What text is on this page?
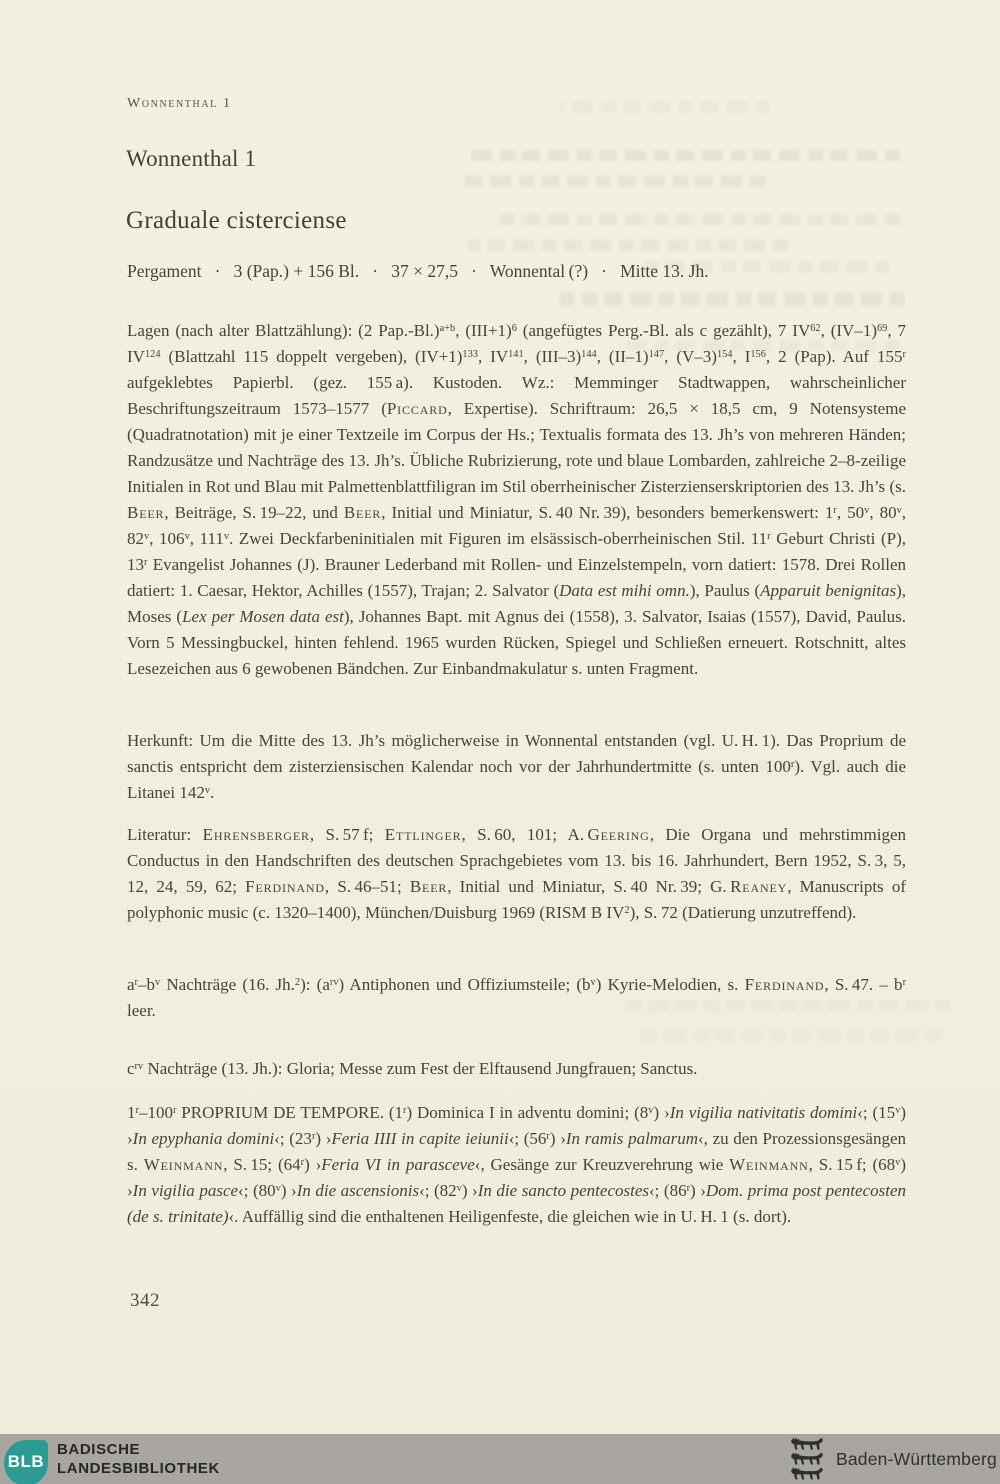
Wonnenthal 1
Wonnenthal 1
Graduale cisterciense
Pergament  ·  3 (Pap.) + 156 Bl.  ·  37 × 27,5  ·  Wonnental (?)  ·  Mitte 13. Jh.
Lagen (nach alter Blattzählung): (2 Pap.-Bl.)$^{a+b}$, $(III+1)^6$ (angefügtes Perg.-Bl. als c gezählt), 7 IV$^{62}$, $(IV-1)^{69}$, 7 IV$^{124}$ (Blattzahl 115 doppelt vergeben), $(IV+1)^{133}$, IV$^{141}$, $(III-3)^{144}$, $(II-1)^{147}$, $(V-3)^{154}$, $I^{156}$, 2 (Pap). Auf 155$^r$ aufgeklebtes Papierbl. (gez. 155 a). Kustoden. Wz.: Memminger Stadtwappen, wahrscheinlicher Beschriftungszeitraum 1573–1577 (Piccard, Expertise). Schriftraum: 26,5 × 18,5 cm, 9 Notensysteme (Quadratnotation) mit je einer Textzeile im Corpus der Hs.; Textualis formata des 13. Jh’s von mehreren Händen; Randzusätze und Nachträge des 13. Jh’s. Übliche Rubrizierung, rote und blaue Lombarden, zahlreiche 2–8-zeilige Initialen in Rot und Blau mit Palmettenblattfiligran im Stil oberrheinischer Zisterzienserskriptorien des 13. Jh’s (s. Beer, Beiträge, S. 19–22, und Beer, Initial und Miniatur, S. 40 Nr. 39), besonders bemerkenswert: 1$^r$, 50$^v$, 80$^v$, 82$^v$, 106$^v$, 111$^v$. Zwei Deckfarbeninitialen mit Figuren im elsässisch-oberrheinischen Stil. 11$^r$ Geburt Christi (P), 13$^r$ Evangelist Johannes (J). Brauner Lederband mit Rollen- und Einzelstempeln, vorn datiert: 1578. Drei Rollen datiert: 1. Caesar, Hektor, Achilles (1557), Trajan; 2. Salvator (Data est mihi omn.), Paulus (Apparuit benignitas), Moses (Lex per Mosen data est), Johannes Bapt. mit Agnus dei (1558), 3. Salvator, Isaias (1557), David, Paulus. Vorn 5 Messingbuckel, hinten fehlend. 1965 wurden Rücken, Spiegel und Schließen erneuert. Rotschnitt, altes Lesezeichen aus 6 gewobenen Bändchen. Zur Einbandmakulatur s. unten Fragment.
Herkunft: Um die Mitte des 13. Jh’s möglicherweise in Wonnental entstanden (vgl. U. H. 1). Das Proprium de sanctis entspricht dem zisterziensischen Kalendar noch vor der Jahrhundertmitte (s. unten 100$^r$). Vgl. auch die Litanei 142$^v$.
Literatur: Ehrensberger, S. 57 f; Ettlinger, S. 60, 101; A. Geering, Die Organa und mehrstimmigen Conductus in den Handschriften des deutschen Sprachgebietes vom 13. bis 16. Jahrhundert, Bern 1952, S. 3, 5, 12, 24, 59, 62; Ferdinand, S. 46–51; Beer, Initial und Miniatur, S. 40 Nr. 39; G. Reaney, Manuscripts of polyphonic music (c. 1320–1400), München/Duisburg 1969 (RISM B $IV^2$), S. 72 (Datierung unzutreffend).
$a^r-b^v$ Nachträge (16. Jh.$^2$): $(a^{rv})$ Antiphonen und Offiziumsteile; $(b^v)$ Kyrie-Melodien, s. Ferdinand, S. 47. – $b^r$ leer.
$c^{rv}$ Nachträge (13. Jh.): Gloria; Messe zum Fest der Elftausend Jungfrauen; Sanctus.
1$^r$–100$^r$ PROPRIUM DE TEMPORE. (1$^r$) Dominica I in adventu domini; (8$^v$) ›In vigilia nativitatis domini‹; (15$^v$) ›In epyphania domini‹; (23$^r$) ›Feria IIII in capite ieiunii‹; (56$^r$) ›In ramis palmarum‹, zu den Prozessionsgesängen s. Weinmann, S. 15; (64$^r$) ›Feria VI in parasceve‹, Gesänge zur Kreuzverehrung wie Weinmann, S. 15 f; (68$^v$) ›In vigilia pasce‹; (80$^v$) ›In die ascensionis‹; (82$^v$) ›In die sancto pentecostes‹; (86$^r$) ›Dom. prima post pentecosten (de s. trinitate)‹. Auffällig sind die enthaltenen Heiligenfeste, die gleichen wie in U. H. 1 (s. dort).
342
BLB
BADISCHE
LANDESBIBLIOTHEK	Baden-Württemberg
